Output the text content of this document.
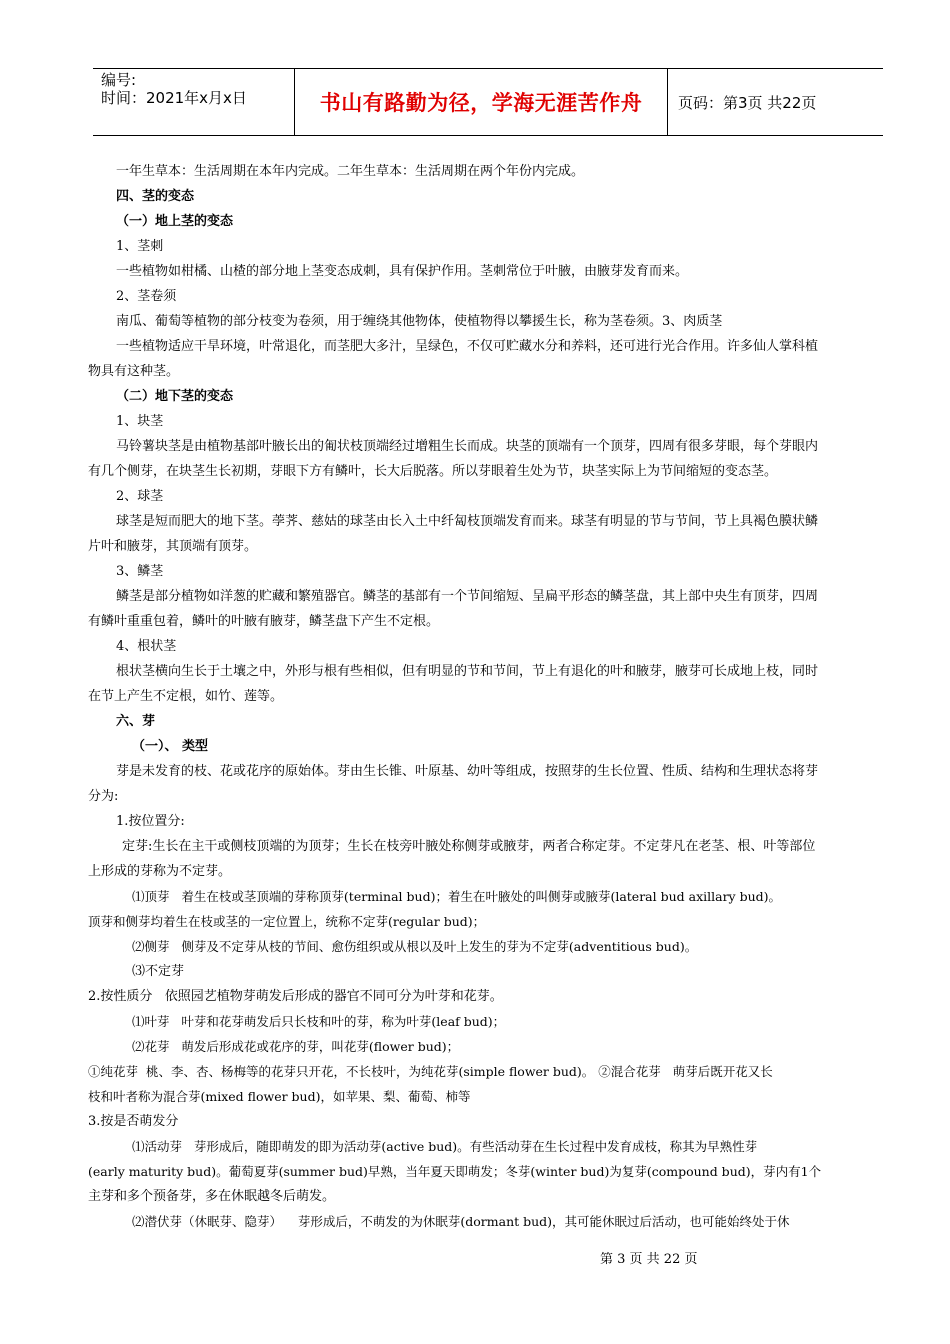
编号:
时间：2021年x月x日	书山有路勤为径，学海无涯苦作舟	页码：第3页 共22页

一年生草本：生活周期在本年内完成。二年生草本：生活周期在两个年份内完成。

四、茎的变态

（一）地上茎的变态

1、茎刺

一些植物如柑橘、山楂的部分地上茎变态成刺，具有保护作用。茎刺常位于叶腋，由腋芽发育而来。

2、茎卷须

南瓜、葡萄等植物的部分枝变为卷须，用于缠绕其他物体，使植物得以攀援生长，称为茎卷须。3、肉质茎

一些植物适应干旱环境，叶常退化，而茎肥大多汁，呈绿色，不仅可贮藏水分和养料，还可进行光合作用。许多仙人掌科植

物具有这种茎。

（二）地下茎的变态

1、块茎

马铃薯块茎是由植物基部叶腋长出的匍状枝顶端经过增粗生长而成。块茎的顶端有一个顶芽，四周有很多芽眼，每个芽眼内

有几个侧芽，在块茎生长初期，芽眼下方有鳞叶，长大后脱落。所以芽眼着生处为节，块茎实际上为节间缩短的变态茎。

2、球茎

球茎是短而肥大的地下茎。荸荠、慈姑的球茎由长入土中纤匐枝顶端发育而来。球茎有明显的节与节间，节上具褐色膜状鳞

片叶和腋芽，其顶端有顶芽。

3、鳞茎

鳞茎是部分植物如洋葱的贮藏和繁殖器官。鳞茎的基部有一个节间缩短、呈扁平形态的鳞茎盘，其上部中央生有顶芽，四周

有鳞叶重重包着，鳞叶的叶腋有腋芽，鳞茎盘下产生不定根。

4、根状茎

根状茎横向生长于土壤之中，外形与根有些相似，但有明显的节和节间，节上有退化的叶和腋芽，腋芽可长成地上枝，同时

在节上产生不定根，如竹、莲等。

六、芽

（一）、 类型

芽是未发育的枝、花或花序的原始体。芽由生长锥、叶原基、幼叶等组成，按照芽的生长位置、性质、结构和生理状态将芽

分为:

1.按位置分:

定芽:生长在主干或侧枝顶端的为顶芽；生长在枝旁叶腋处称侧芽或腋芽，两者合称定芽。不定芽凡在老茎、根、叶等部位

上形成的芽称为不定芽。

⑴顶芽   着生在枝或茎顶端的芽称顶芽(terminal bud)；着生在叶腋处的叫侧芽或腋芽(lateral bud axillary bud)。

顶芽和侧芽均着生在枝或茎的一定位置上，统称不定芽(regular bud)；

⑵侧芽   侧芽及不定芽从枝的节间、愈伤组织或从根以及叶上发生的芽为不定芽(adventitious bud)。

⑶不定芽

2.按性质分   依照园艺植物芽萌发后形成的器官不同可分为叶芽和花芽。

⑴叶芽   叶芽和花芽萌发后只长枝和叶的芽，称为叶芽(leaf bud)；

⑵花芽   萌发后形成花或花序的芽，叫花芽(flower bud)；

①纯花芽  桃、李、杏、杨梅等的花芽只开花，不长枝叶，为纯花芽(simple flower bud)。 ②混合花芽   萌芽后既开花又长

枝和叶者称为混合芽(mixed flower bud)，如苹果、梨、葡萄、柿等

3.按是否萌发分

⑴活动芽   芽形成后，随即萌发的即为活动芽(active bud)。有些活动芽在生长过程中发育成枝，称其为早熟性芽

(early maturity bud)。葡萄夏芽(summer bud)早熟，当年夏天即萌发；冬芽(winter bud)为复芽(compound bud)，芽内有1个

主芽和多个预备芽，多在休眠越冬后萌发。

⑵潜伏芽（休眠芽、隐芽）    芽形成后，不萌发的为休眠芽(dormant bud)，其可能休眠过后活动，也可能始终处于休

第 3 页 共 22 页
